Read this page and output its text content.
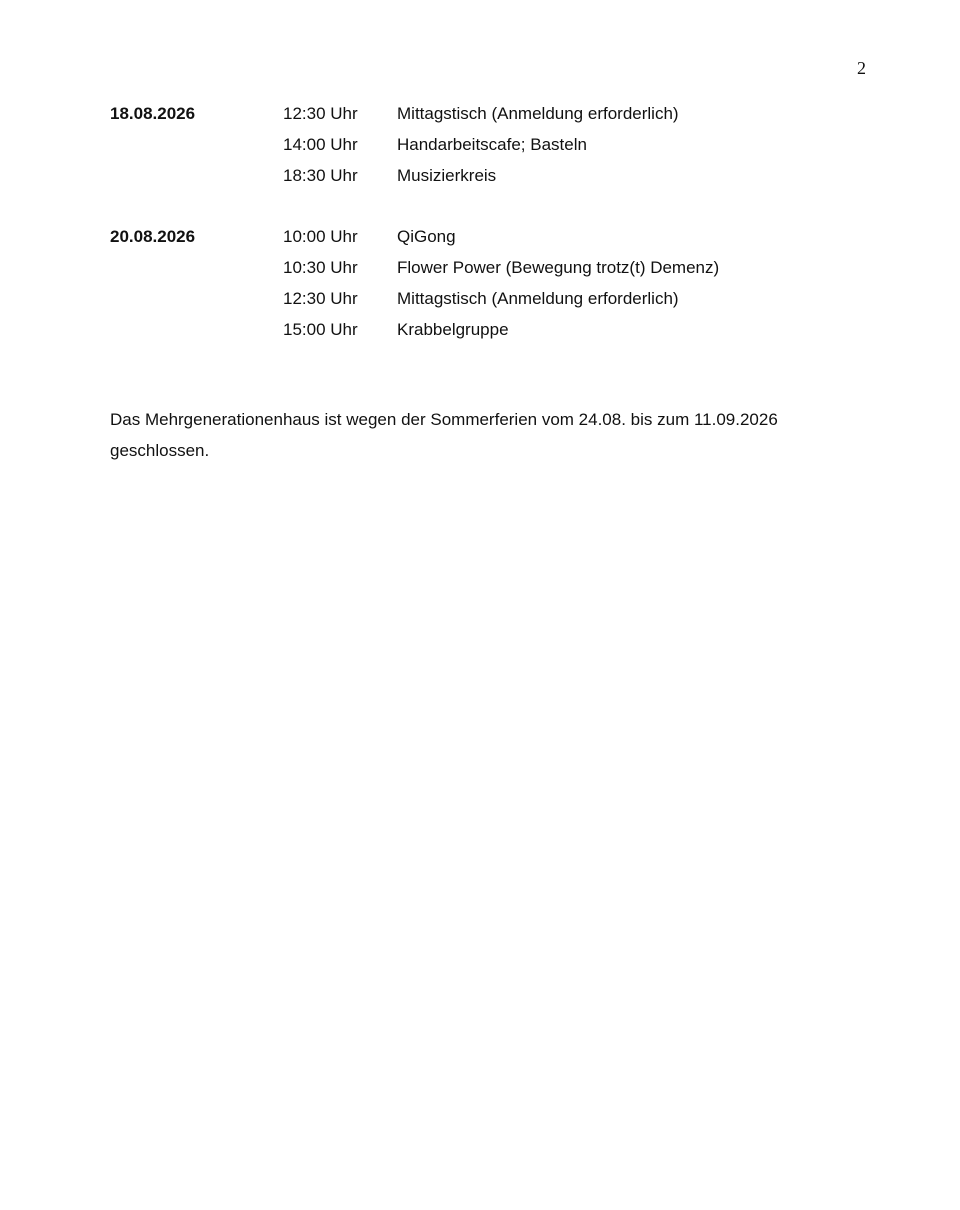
2
18.08.2026	12:30 Uhr	Mittagstisch (Anmeldung erforderlich)
14:00 Uhr	Handarbeitscafe; Basteln
18:30 Uhr	Musizierkreis
20.08.2026	10:00 Uhr	QiGong
10:30 Uhr	Flower Power (Bewegung trotz(t) Demenz)
12:30 Uhr	Mittagstisch (Anmeldung erforderlich)
15:00 Uhr	Krabbelgruppe
Das Mehrgenerationenhaus ist wegen der Sommerferien vom 24.08. bis zum 11.09.2026
geschlossen.
